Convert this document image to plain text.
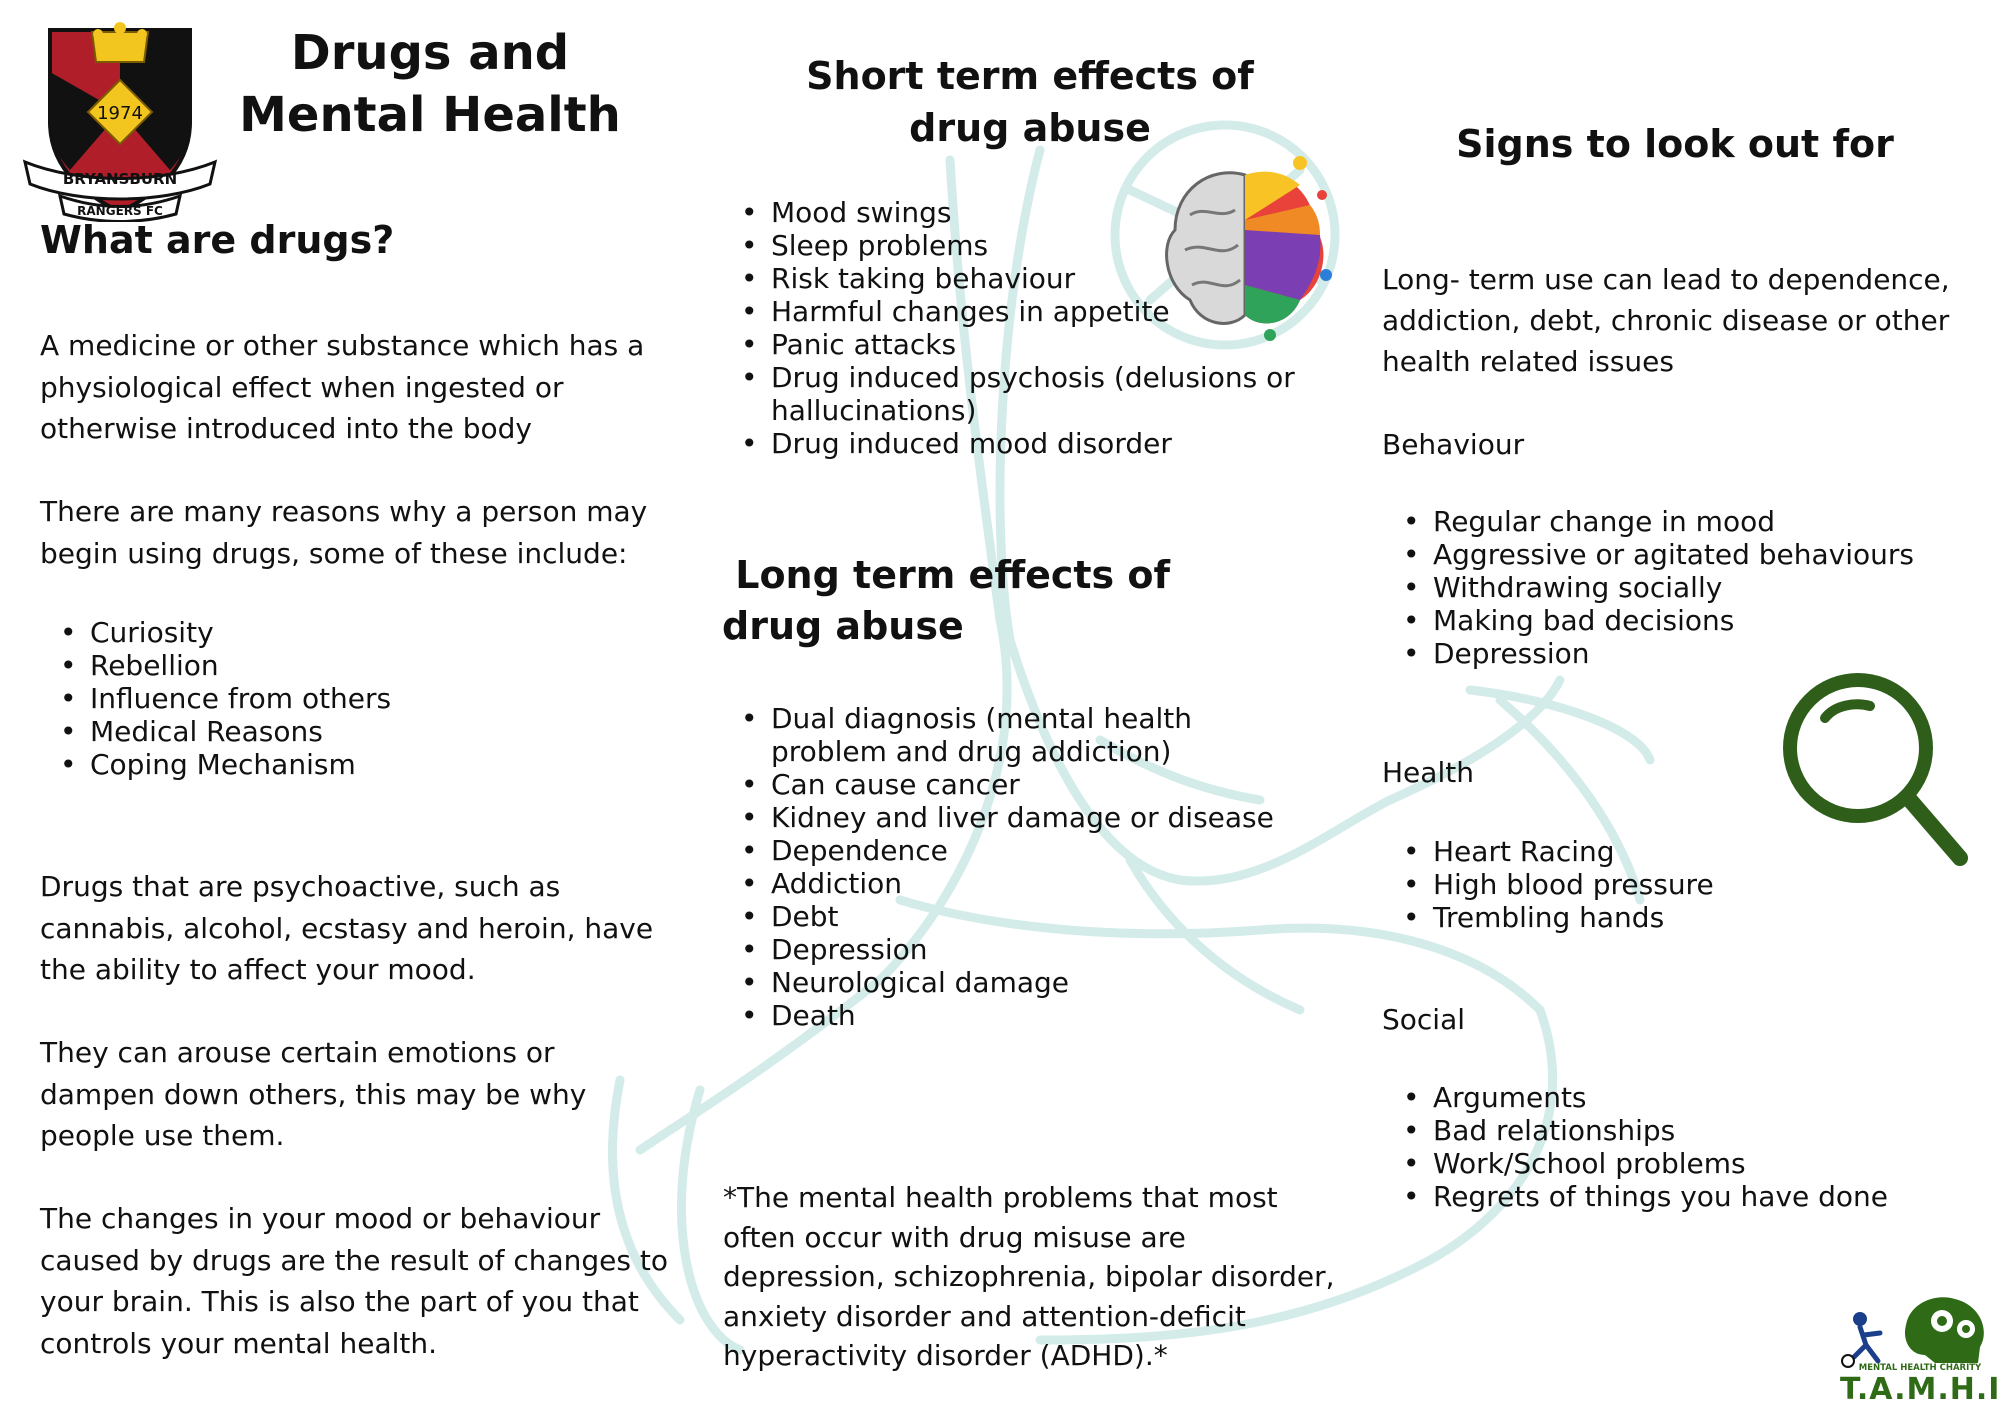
1974
BRYANSBURN
RANGERS FC
Drugs and Mental Health
What are drugs?

A medicine or other substance which has a physiological effect when ingested or otherwise introduced into the body

There are many reasons why a person may begin using drugs, some of these include:

• Curiosity
• Rebellion
• Influence from others
• Medical Reasons
• Coping Mechanism

Drugs that are psychoactive, such as cannabis, alcohol, ecstasy and heroin, have the ability to affect your mood.

They can arouse certain emotions or dampen down others, this may be why people use them.

The changes in your mood or behaviour caused by drugs are the result of changes to your brain. This is also the part of you that controls your mental health.

Short term effects of drug abuse
• Mood swings
• Sleep problems
• Risk taking behaviour
• Harmful changes in appetite
• Panic attacks
• Drug induced psychosis (delusions or hallucinations)
• Drug induced mood disorder
Long term effects of drug abuse
• Dual diagnosis (mental health problem and drug addiction)
• Can cause cancer
• Kidney and liver damage or disease
• Dependence
• Addiction
• Debt
• Depression
• Neurological damage
• Death

*The mental health problems that most often occur with drug misuse are depression, schizophrenia, bipolar disorder, anxiety disorder and attention-deficit hyperactivity disorder (ADHD).*

Signs to look out for

Long- term use can lead to dependence, addiction, debt, chronic disease or other health related issues

Behaviour

• Regular change in mood
• Aggressive or agitated behaviours
• Withdrawing socially
• Making bad decisions
• Depression

Health

• Heart Racing
• High blood pressure
• Trembling hands

Social

• Arguments
• Bad relationships
• Work/School problems
• Regrets of things you have done

MENTAL HEALTH CHARITY

T.A.M.H.I
